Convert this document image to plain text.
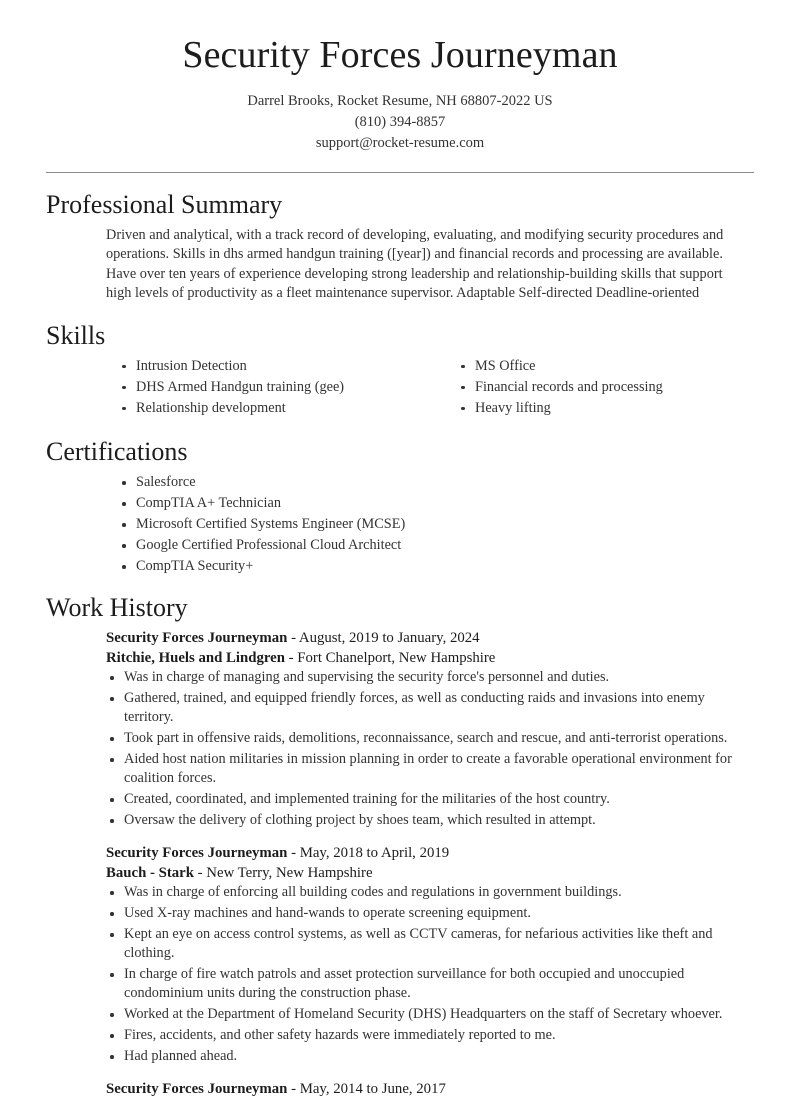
Security Forces Journeyman

Darrel Brooks, Rocket Resume, NH 68807-2022 US

(810) 394-8857

support@rocket-resume.com

Professional Summary

Driven and analytical, with a track record of developing, evaluating, and modifying security procedures and operations. Skills in dhs armed handgun training ([year]) and financial records and processing are available. Have over ten years of experience developing strong leadership and relationship-building skills that support high levels of productivity as a fleet maintenance supervisor. Adaptable Self-directed Deadline-oriented

Skills
Intrusion Detection
DHS Armed Handgun training (gee)
Relationship development
MS Office
Financial records and processing
Heavy lifting
Certifications
Salesforce
CompTIA A+ Technician
Microsoft Certified Systems Engineer (MCSE)
Google Certified Professional Cloud Architect
CompTIA Security+
Work History

Security Forces Journeyman - August, 2019 to January, 2024

Ritchie, Huels and Lindgren - Fort Chanelport, New Hampshire

Was in charge of managing and supervising the security force's personnel and duties.
Gathered, trained, and equipped friendly forces, as well as conducting raids and invasions into enemy territory.
Took part in offensive raids, demolitions, reconnaissance, search and rescue, and anti-terrorist operations.
Aided host nation militaries in mission planning in order to create a favorable operational environment for coalition forces.
Created, coordinated, and implemented training for the militaries of the host country.
Oversaw the delivery of clothing project by shoes team, which resulted in attempt.

Security Forces Journeyman - May, 2018 to April, 2019

Bauch - Stark - New Terry, New Hampshire

Was in charge of enforcing all building codes and regulations in government buildings.
Used X-ray machines and hand-wands to operate screening equipment.
Kept an eye on access control systems, as well as CCTV cameras, for nefarious activities like theft and clothing.
In charge of fire watch patrols and asset protection surveillance for both occupied and unoccupied condominium units during the construction phase.
Worked at the Department of Homeland Security (DHS) Headquarters on the staff of Secretary whoever.
Fires, accidents, and other safety hazards were immediately reported to me.
Had planned ahead.

Security Forces Journeyman - May, 2014 to June, 2017
